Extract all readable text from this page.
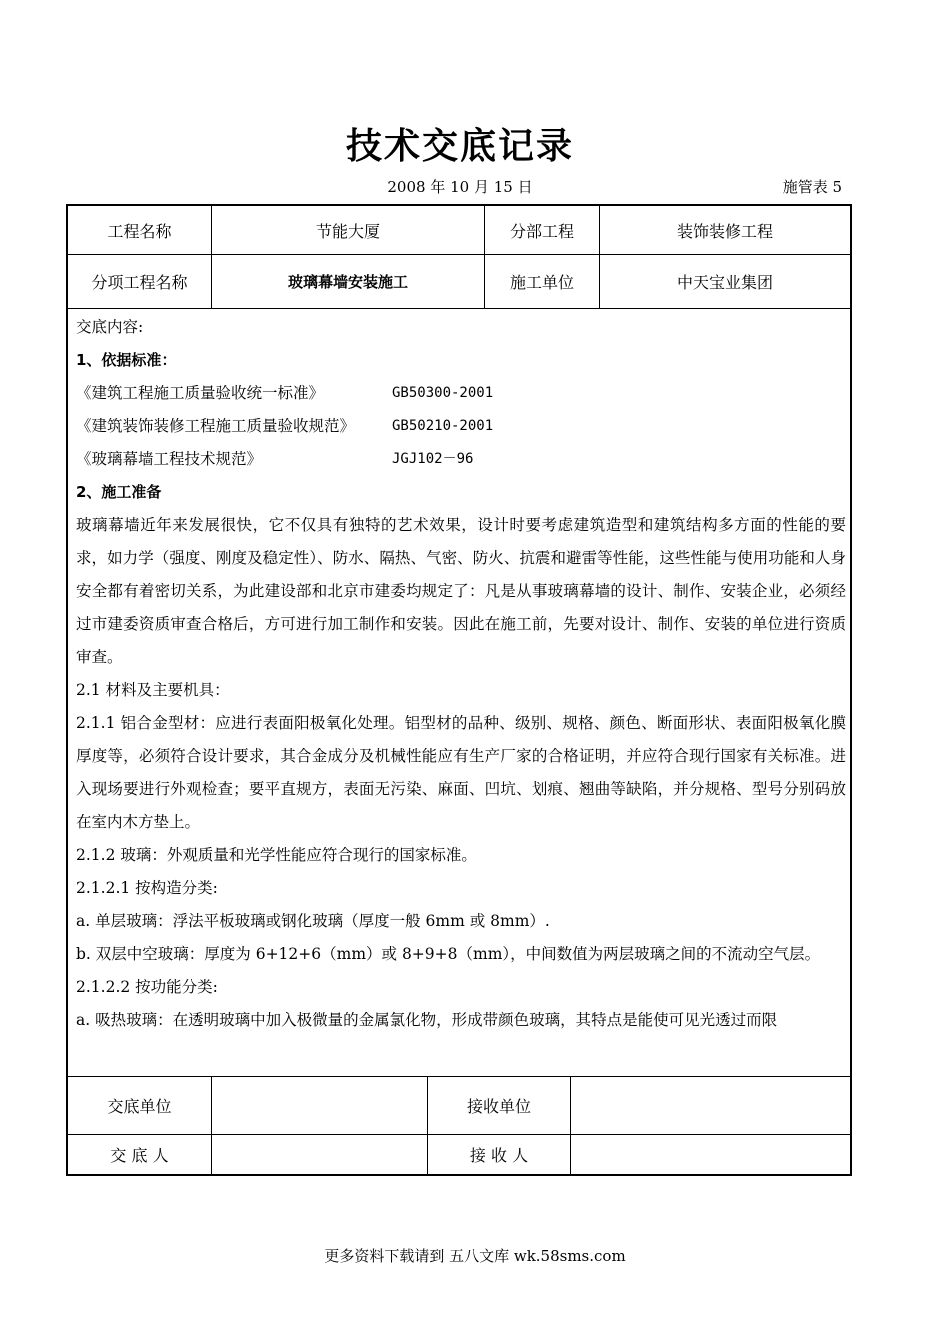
技术交底记录
2008 年 10 月 15 日	施管表 5
工程名称	节能大厦	分部工程	装饰装修工程
分项工程名称	玻璃幕墙安装施工	施工单位	中天宝业集团
交底内容:
1、依据标准：
《建筑工程施工质量验收统一标准》	GB50300-2001
《建筑装饰装修工程施工质量验收规范》	GB50210-2001
《玻璃幕墙工程技术规范》	JGJ102－96
2、施工准备
玻璃幕墙近年来发展很快，它不仅具有独特的艺术效果，设计时要考虑建筑造型和建筑结构多方面的性能的要求，如力学（强度、刚度及稳定性）、防水、隔热、气密、防火、抗震和避雷等性能，这些性能与使用功能和人身安全都有着密切关系，为此建设部和北京市建委均规定了：凡是从事玻璃幕墙的设计、制作、安装企业，必须经过市建委资质审查合格后，方可进行加工制作和安装。因此在施工前，先要对设计、制作、安装的单位进行资质审查。
2.1 材料及主要机具：
2.1.1 铝合金型材：应进行表面阳极氧化处理。铝型材的品种、级别、规格、颜色、断面形状、表面阳极氧化膜厚度等，必须符合设计要求，其合金成分及机械性能应有生产厂家的合格证明，并应符合现行国家有关标准。进入现场要进行外观检查；要平直规方，表面无污染、麻面、凹坑、划痕、翘曲等缺陷，并分规格、型号分别码放在室内木方垫上。
2.1.2 玻璃：外观质量和光学性能应符合现行的国家标准。
2.1.2.1 按构造分类:
a. 单层玻璃：浮法平板玻璃或钢化玻璃（厚度一般 6mm 或 8mm）.
b. 双层中空玻璃：厚度为 6+12+6（mm）或 8+9+8（mm），中间数值为两层玻璃之间的不流动空气层。
2.1.2.2 按功能分类:
a. 吸热玻璃：在透明玻璃中加入极微量的金属氯化物，形成带颜色玻璃，其特点是能使可见光透过而限
交底单位	接收单位
交 底 人	接 收 人
更多资料下载请到 五八文库 wk.58sms.com
